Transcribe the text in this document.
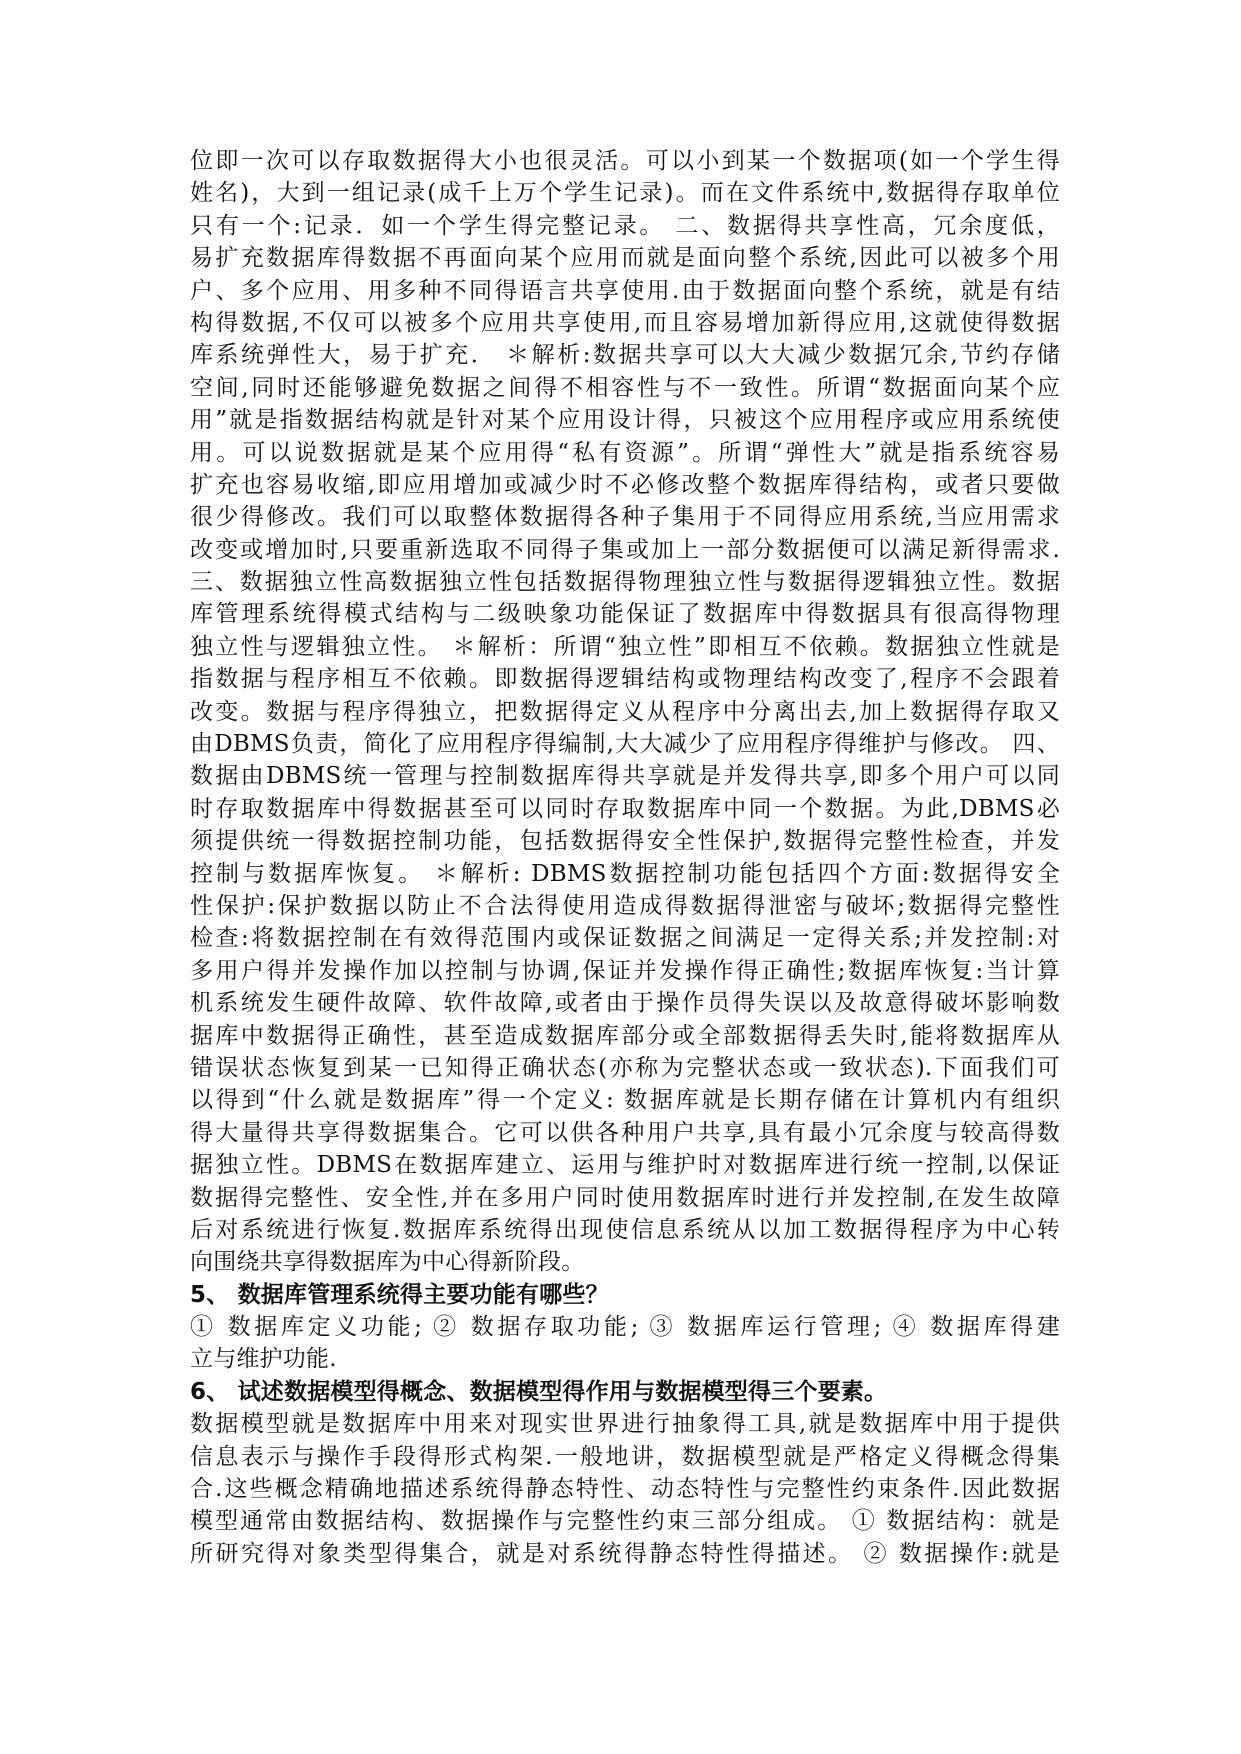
位即一次可以存取数据得大小也很灵活。可以小到某一个数据项(如一个学生得
姓名)，大到一组记录(成千上万个学生记录)。而在文件系统中,数据得存取单位
只有一个:记录．如一个学生得完整记录。 二、数据得共享性高，冗余度低，
易扩充数据库得数据不再面向某个应用而就是面向整个系统,因此可以被多个用
户、多个应用、用多种不同得语言共享使用.由于数据面向整个系统，就是有结
构得数据,不仅可以被多个应用共享使用,而且容易增加新得应用,这就使得数据
库系统弹性大，易于扩充． ＊解析:数据共享可以大大减少数据冗余,节约存储
空间,同时还能够避免数据之间得不相容性与不一致性。所谓“数据面向某个应
用”就是指数据结构就是针对某个应用设计得，只被这个应用程序或应用系统使
用。可以说数据就是某个应用得“私有资源”。所谓“弹性大”就是指系统容易
扩充也容易收缩,即应用增加或减少时不必修改整个数据库得结构，或者只要做
很少得修改。我们可以取整体数据得各种子集用于不同得应用系统,当应用需求
改变或增加时,只要重新选取不同得子集或加上一部分数据便可以满足新得需求.
三、数据独立性高数据独立性包括数据得物理独立性与数据得逻辑独立性。数据
库管理系统得模式结构与二级映象功能保证了数据库中得数据具有很高得物理
独立性与逻辑独立性。 ＊解析：所谓“独立性”即相互不依赖。数据独立性就是
指数据与程序相互不依赖。即数据得逻辑结构或物理结构改变了,程序不会跟着
改变。数据与程序得独立，把数据得定义从程序中分离出去,加上数据得存取又
由DBMS负责，简化了应用程序得编制,大大减少了应用程序得维护与修改。 四、
数据由DBMS统一管理与控制数据库得共享就是并发得共享,即多个用户可以同
时存取数据库中得数据甚至可以同时存取数据库中同一个数据。为此,DBMS必
须提供统一得数据控制功能，包括数据得安全性保护,数据得完整性检查，并发
控制与数据库恢复。 ＊解析: DBMS数据控制功能包括四个方面:数据得安全
性保护:保护数据以防止不合法得使用造成得数据得泄密与破坏;数据得完整性
检查:将数据控制在有效得范围内或保证数据之间满足一定得关系;并发控制:对
多用户得并发操作加以控制与协调,保证并发操作得正确性;数据库恢复:当计算
机系统发生硬件故障、软件故障,或者由于操作员得失误以及故意得破坏影响数
据库中数据得正确性，甚至造成数据库部分或全部数据得丢失时,能将数据库从
错误状态恢复到某一已知得正确状态(亦称为完整状态或一致状态).下面我们可
以得到“什么就是数据库”得一个定义: 数据库就是长期存储在计算机内有组织
得大量得共享得数据集合。它可以供各种用户共享,具有最小冗余度与较高得数
据独立性。DBMS在数据库建立、运用与维护时对数据库进行统一控制,以保证
数据得完整性、安全性,并在多用户同时使用数据库时进行并发控制,在发生故障
后对系统进行恢复.数据库系统得出现使信息系统从以加工数据得程序为中心转
向围绕共享得数据库为中心得新阶段。
5、 数据库管理系统得主要功能有哪些？
① 数据库定义功能; ② 数据存取功能; ③ 数据库运行管理; ④ 数据库得建
立与维护功能.
6、 试述数据模型得概念、数据模型得作用与数据模型得三个要素。
数据模型就是数据库中用来对现实世界进行抽象得工具,就是数据库中用于提供
信息表示与操作手段得形式构架.一般地讲，数据模型就是严格定义得概念得集
合.这些概念精确地描述系统得静态特性、动态特性与完整性约束条件.因此数据
模型通常由数据结构、数据操作与完整性约束三部分组成。 ① 数据结构：就是
所研究得对象类型得集合，就是对系统得静态特性得描述。 ② 数据操作:就是
